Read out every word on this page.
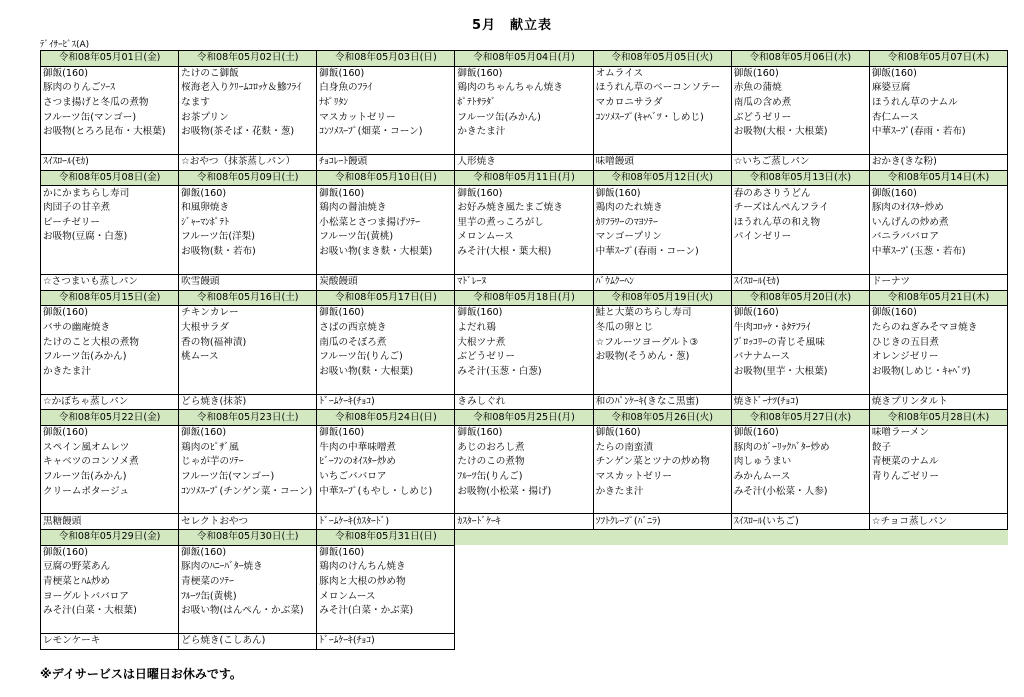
5月　献立表
ﾃﾞｲｻｰﾋﾞｽ(A)
令和08年05月01日(金)	令和08年05月02日(土)	令和08年05月03日(日)	令和08年05月04日(月)	令和08年05月05日(火)	令和08年05月06日(水)	令和08年05月07日(木)
御飯(160)	たけのこ御飯	御飯(160)	御飯(160)	オムライス	御飯(160)	御飯(160)
豚肉のりんごｿｰｽ	桜海老入りｸﾘｰﾑｺﾛｯｹ＆鰺ﾌﾗｲ	白身魚のﾌﾗｲ	鶏肉のちゃんちゃん焼き	ほうれん草のベーコンソテー	赤魚の蒲焼	麻婆豆腐
さつま揚げと冬瓜の煮物	なます	ﾅﾎﾟﾘﾀﾝ	ﾎﾟﾃﾄｻﾗﾀﾞ	マカロニサラダ	南瓜の含め煮	ほうれん草のナムル
フルーツ缶(マンゴー)	お茶プリン	マスカットゼリー	フルーツ缶(みかん)	ｺﾝｿﾒｽｰﾌﾟ(ｷｬﾍﾞﾂ・しめじ)	ぶどうゼリー	杏仁ムース
お吸物(とろろ昆布・大根葉)	お吸物(茶そば・花麩・葱)	ｺﾝｿﾒｽｰﾌﾟ(畑菜・コーン)	かきたま汁		お吸物(大根・大根葉)	中華ｽｰﾌﾟ(春雨・若布)

ｽｲｽﾛｰﾙ(ﾓｶ)	☆おやつ（抹茶蒸しパン）	ﾁｮｺﾚｰﾄ饅頭	人形焼き	味噌饅頭	☆いちご蒸しパン	おかき(きな粉)
令和08年05月08日(金)	令和08年05月09日(土)	令和08年05月10日(日)	令和08年05月11日(月)	令和08年05月12日(火)	令和08年05月13日(水)	令和08年05月14日(木)
かにかまちらし寿司	御飯(160)	御飯(160)	御飯(160)	御飯(160)	春のあさりうどん	御飯(160)
肉団子の甘辛煮	和風卵焼き	鶏肉の醤油焼き	お好み焼き風たまご焼き	鶏肉のたれ焼き	チーズはんぺんフライ	豚肉のｵｲｽﾀｰ炒め
ピーチゼリー	ｼﾞｬｰﾏﾝﾎﾟﾃﾄ	小松菜とさつま揚げｿﾃｰ	里芋の煮っころがし	ｶﾘﾌﾗﾜｰのﾏﾖｿﾃｰ	ほうれん草の和え物	いんげんの炒め煮
お吸物(豆腐・白葱)	フルーツ缶(洋梨)	フルーツ缶(黄桃)	メロンムース	マンゴープリン	パインゼリー	バニラババロア
	お吸物(麩・若布)	お吸い物(まき麩・大根葉)	みそ汁(大根・葉大根)	中華ｽｰﾌﾟ(春雨・コーン)		中華ｽｰﾌﾟ(玉葱・若布)

☆さつまいも蒸しパン	吹雪饅頭	炭酸饅頭	ﾏﾄﾞﾚｰﾇ	ﾊﾞｳﾑｸｰﾍﾝ	ｽｲｽﾛｰﾙ(ﾓｶ)	ドーナツ
令和08年05月15日(金)	令和08年05月16日(土)	令和08年05月17日(日)	令和08年05月18日(月)	令和08年05月19日(火)	令和08年05月20日(水)	令和08年05月21日(木)
御飯(160)	チキンカレー	御飯(160)	御飯(160)	鮭と大葉のちらし寿司	御飯(160)	御飯(160)
バサの幽庵焼き	大根サラダ	さばの西京焼き	よだれ鶏	冬瓜の卵とじ	牛肉ｺﾛｯｹ・ﾎﾀﾃﾌﾗｲ	たらのねぎみそマヨ焼き
たけのこと大根の煮物	香の物(福神漬)	南瓜のそぼろ煮	大根ツナ煮	☆フルーツヨーグルト③	ﾌﾞﾛｯｺﾘｰの青じそ風味	ひじきの五目煮
フルーツ缶(みかん)	桃ムース	フルーツ缶(りんご)	ぶどうゼリー	お吸物(そうめん・葱)	バナナムース	オレンジゼリー
かきたま汁		お吸い物(麩・大根葉)	みそ汁(玉葱・白葱)		お吸物(里芋・大根葉)	お吸物(しめじ・ｷｬﾍﾞﾂ)

☆かぼちゃ蒸しパン	どら焼き(抹茶)	ﾄﾞｰﾑｹｰｷ(ﾁｮｺ)	きみしぐれ	和のﾊﾟﾝｹｰｷ(きなこ黒蜜)	焼きﾄﾞｰﾅﾂ(ﾁｮｺ)	焼きプリンタルト
令和08年05月22日(金)	令和08年05月23日(土)	令和08年05月24日(日)	令和08年05月25日(月)	令和08年05月26日(火)	令和08年05月27日(水)	令和08年05月28日(木)
御飯(160)	御飯(160)	御飯(160)	御飯(160)	御飯(160)	御飯(160)	味噌ラーメン
スペイン風オムレツ	鶏肉のﾋﾟｻﾞ風	牛肉の中華味噌煮	あじのおろし煮	たらの南蛮漬	豚肉のｶﾞｰﾘｯｸﾊﾞﾀｰ炒め	餃子
キャベツのコンソメ煮	じゃが芋のｿﾃｰ	ﾋﾞｰﾌﾝのｵｲｽﾀｰ炒め	たけのこの煮物	チンゲン菜とツナの炒め物	肉しゅうまい	青梗菜のナムル
フルーツ缶(みかん)	フルーツ缶(マンゴー)	いちごババロア	ﾌﾙｰﾂ缶(りんご)	マスカットゼリー	みかんムース	青りんごゼリー
クリームポタージュ	ｺﾝｿﾒｽｰﾌﾟ(チンゲン菜・コーン)	中華ｽｰﾌﾟ(もやし・しめじ)	お吸物(小松菜・揚げ)	かきたま汁	みそ汁(小松菜・人参)	

黒糖饅頭	セレクトおやつ	ﾄﾞｰﾑｹｰｷ(ｶｽﾀｰﾄﾞ)	ｶｽﾀｰﾄﾞｹｰｷ	ｿﾌﾄｸﾚｰﾌﾟ(ﾊﾞﾆﾗ)	ｽｲｽﾛｰﾙ(いちご)	☆チョコ蒸しパン
令和08年05月29日(金)	令和08年05月30日(土)	令和08年05月31日(日)				
御飯(160)	御飯(160)	御飯(160)				
豆腐の野菜あん	豚肉のﾊﾆｰﾊﾞﾀｰ焼き	鶏肉のけんちん焼き				
青梗菜とﾊﾑ炒め	青梗菜のｿﾃｰ	豚肉と大根の炒め物				
ヨーグルトババロア	ﾌﾙｰﾂ缶(黄桃)	メロンムース				
みそ汁(白菜・大根葉)	お吸い物(はんぺん・かぶ菜)	みそ汁(白菜・かぶ菜)				

レモンケーキ	どら焼き(こしあん)	ﾄﾞｰﾑｹｰｷ(ﾁｮｺ)				
※デイサービスは日曜日お休みです。
